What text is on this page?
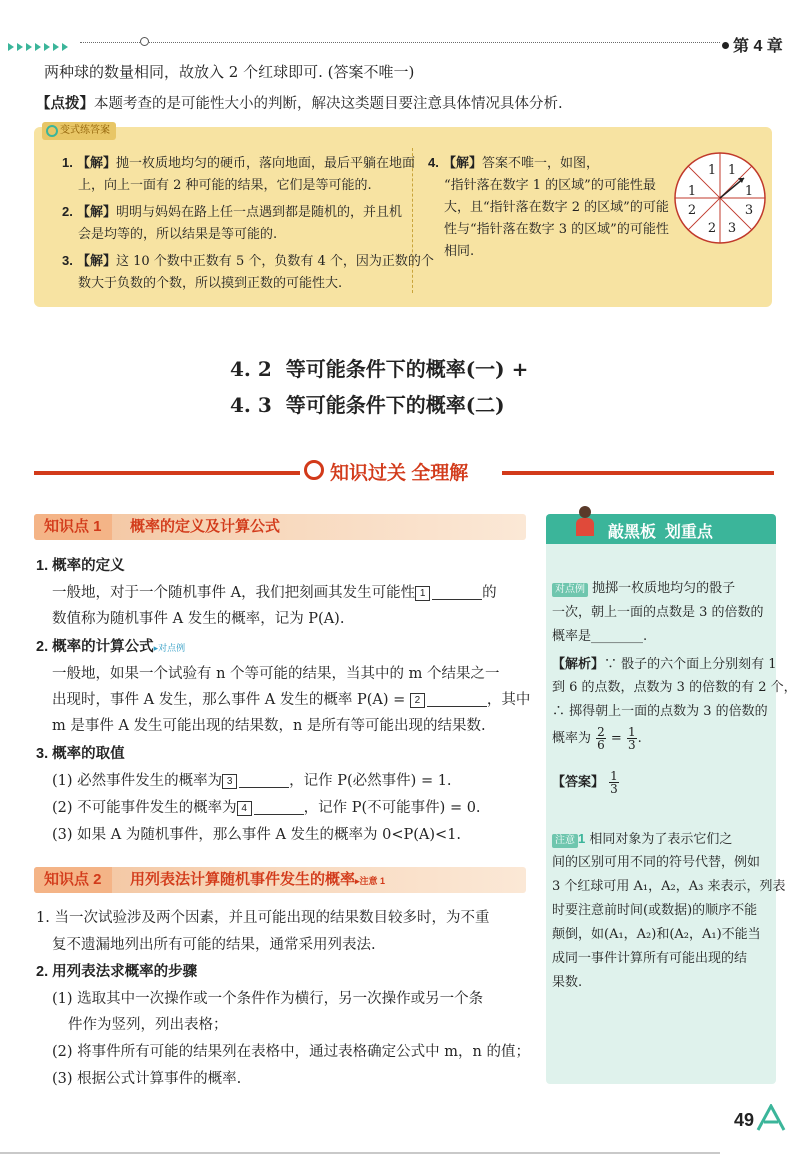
第 4 章
两种球的数量相同，故放入 2 个红球即可. (答案不唯一)
【点拨】本题考查的是可能性大小的判断，解决这类题目要注意具体情况具体分析.
变式练答案
1. 【解】抛一枚质地均匀的硬币，落向地面，最后平躺在地面
上，向上一面有 2 种可能的结果，它们是等可能的.
2. 【解】明明与妈妈在路上任一点遇到都是随机的，并且机
会是均等的，所以结果是等可能的.
3. 【解】这 10 个数中正数有 5 个，负数有 4 个，因为正数的个
数大于负数的个数，所以摸到正数的可能性大.
4. 【解】答案不唯一，如图，
“指针落在数字 1 的区域”的可能性最
大，且“指针落在数字 2 的区域”的可能
性与“指针落在数字 3 的区域”的可能性
相同.
1 1
1
1
2
2
3
3
4. 2 等可能条件下的概率(一) +
4. 3 等可能条件下的概率(二)
知识过关 全理解
知识点 1	概率的定义及计算公式
1. 概率的定义
一般地，对于一个随机事件 A，我们把刻画其发生可能性 1	的
数值称为随机事件 A 发生的概率，记为 P(A).
2. 概率的计算公式▸对点例
一般地，如果一个试验有 n 个等可能的结果，当其中的 m 个结果之一
出现时，事件 A 发生，那么事件 A 发生的概率 P(A) = 2	，其中
m 是事件 A 发生可能出现的结果数，n 是所有等可能出现的结果数.
3. 概率的取值
(1) 必然事件发生的概率为 3	，记作 P(必然事件) = 1.
(2) 不可能事件发生的概率为 4	，记作 P(不可能事件) = 0.
(3) 如果 A 为随机事件，那么事件 A 发生的概率为 0<P(A)<1.
知识点 2	用列表法计算随机事件发生的概率▸注意 1
1. 当一次试验涉及两个因素，并且可能出现的结果数目较多时，为不重
复不遗漏地列出所有可能的结果，通常采用列表法.
2. 用列表法求概率的步骤
(1) 选取其中一次操作或一个条件作为横行，另一次操作或另一个条
件作为竖列，列出表格；
(2) 将事件所有可能的结果列在表格中，通过表格确定公式中 m，n 的值；
(3) 根据公式计算事件的概率.
敲黑板  划重点
对点例 抛掷一枚质地均匀的骰子
一次，朝上一面的点数是 3 的倍数的
概率是________.
【解析】∵ 骰子的六个面上分别刻有 1
到 6 的点数，点数为 3 的倍数的有 2 个，
∴ 掷得朝上一面的点数为 3 的倍数的
概率为 $\frac{2}{6} = \frac{1}{3}$ .
【答案】 $\frac{1}{3}$
注意 1 相同对象为了表示它们之
间的区别可用不同的符号代替，例如
3 个红球可用 A₁，A₂，A₃ 来表示，列表
时要注意前时间(或数据)的顺序不能
颠倒，如(A₁，A₂)和(A₂，A₁)不能当
成同一事件计算所有可能出现的结
果数.
49
